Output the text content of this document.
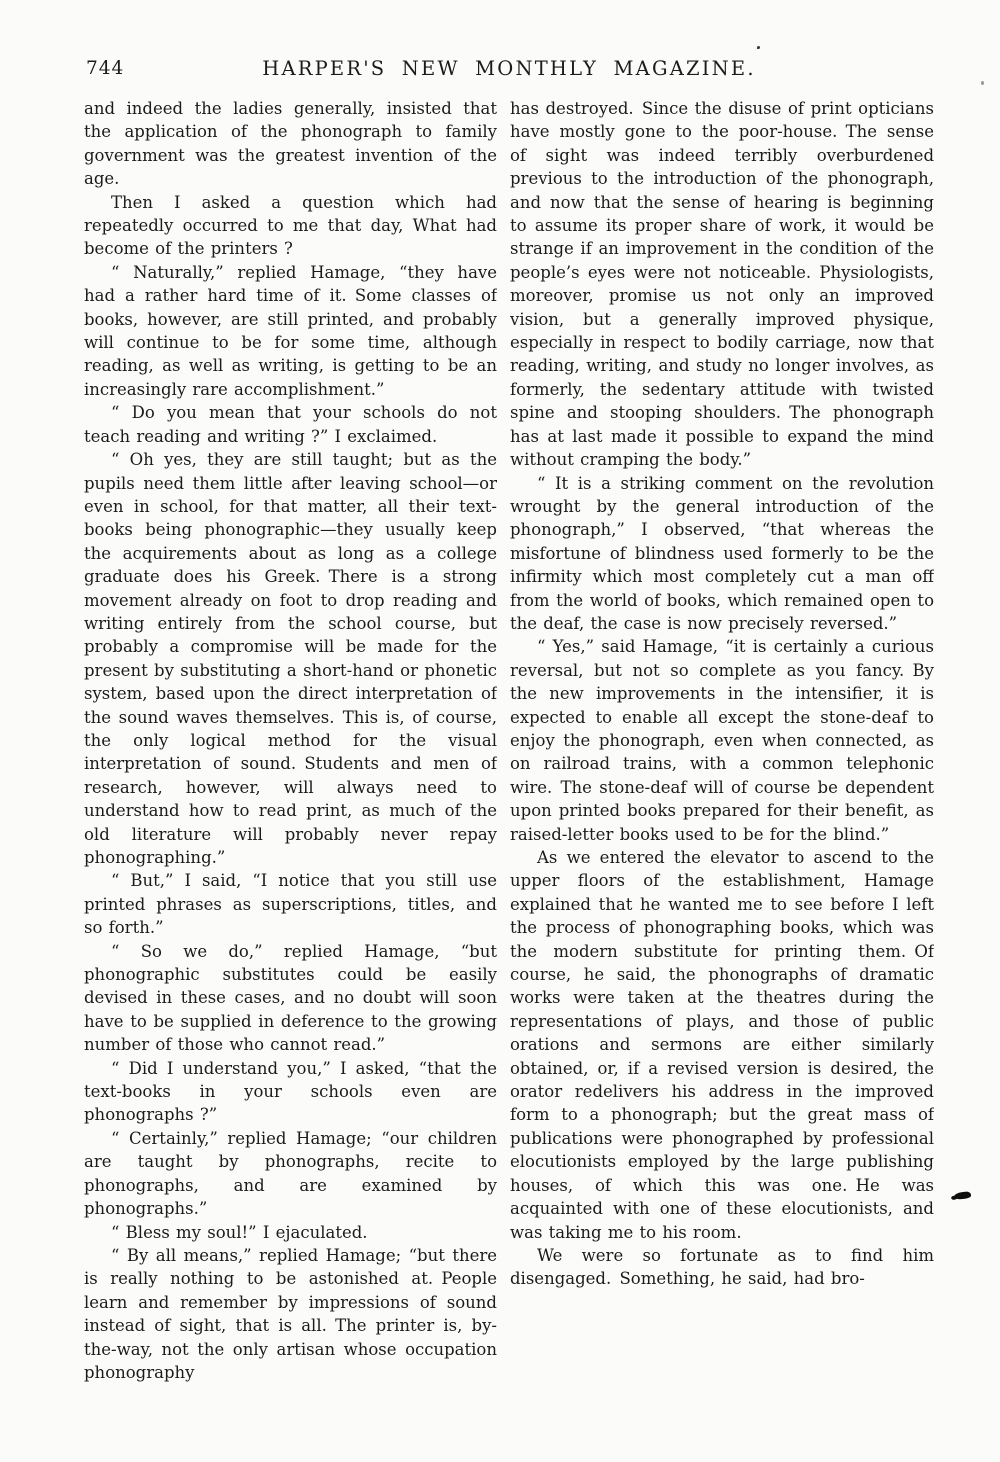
744	HARPER'S NEW MONTHLY MAGAZINE.

and indeed the ladies generally, insisted that the application of the phonograph to family government was the greatest invention of the age.

Then I asked a question which had repeatedly occurred to me that day, What had become of the printers ?

“ Naturally,” replied Hamage, “they have had a rather hard time of it. Some classes of books, however, are still printed, and probably will continue to be for some time, although reading, as well as writing, is getting to be an increasingly rare accomplishment.”

“ Do you mean that your schools do not teach reading and writing ?” I exclaimed.

“ Oh yes, they are still taught; but as the pupils need them little after leaving school—or even in school, for that matter, all their text-books being phonographic—they usually keep the acquirements about as long as a college graduate does his Greek. There is a strong movement already on foot to drop reading and writing entirely from the school course, but probably a compromise will be made for the present by substituting a short-hand or phonetic system, based upon the direct interpretation of the sound waves themselves. This is, of course, the only logical method for the visual interpretation of sound. Students and men of research, however, will always need to understand how to read print, as much of the old literature will probably never repay phonographing.”

“ But,” I said, “I notice that you still use printed phrases as superscriptions, titles, and so forth.”

“ So we do,” replied Hamage, “but phonographic substitutes could be easily devised in these cases, and no doubt will soon have to be supplied in deference to the growing number of those who cannot read.”

“ Did I understand you,” I asked, “that the text-books in your schools even are phonographs ?”

“ Certainly,” replied Hamage; “our children are taught by phonographs, recite to phonographs, and are examined by phonographs.”

“ Bless my soul!” I ejaculated.

“ By all means,” replied Hamage; “but there is really nothing to be astonished at. People learn and remember by impressions of sound instead of sight, that is all. The printer is, by-the-way, not the only artisan whose occupation phonography

has destroyed. Since the disuse of print opticians have mostly gone to the poor-house. The sense of sight was indeed terribly overburdened previous to the introduction of the phonograph, and now that the sense of hearing is beginning to assume its proper share of work, it would be strange if an improvement in the condition of the people’s eyes were not noticeable. Physiologists, moreover, promise us not only an improved vision, but a generally improved physique, especially in respect to bodily carriage, now that reading, writing, and study no longer involves, as formerly, the sedentary attitude with twisted spine and stooping shoulders. The phonograph has at last made it possible to expand the mind without cramping the body.”

“ It is a striking comment on the revolution wrought by the general introduction of the phonograph,” I observed, “that whereas the misfortune of blindness used formerly to be the infirmity which most completely cut a man off from the world of books, which remained open to the deaf, the case is now precisely reversed.”

“ Yes,” said Hamage, “it is certainly a curious reversal, but not so complete as you fancy. By the new improvements in the intensifier, it is expected to enable all except the stone-deaf to enjoy the phonograph, even when connected, as on railroad trains, with a common telephonic wire. The stone-deaf will of course be dependent upon printed books prepared for their benefit, as raised-letter books used to be for the blind.”

As we entered the elevator to ascend to the upper floors of the establishment, Hamage explained that he wanted me to see before I left the process of phonographing books, which was the modern substitute for printing them. Of course, he said, the phonographs of dramatic works were taken at the theatres during the representations of plays, and those of public orations and sermons are either similarly obtained, or, if a revised version is desired, the orator redelivers his address in the improved form to a phonograph; but the great mass of publications were phonographed by professional elocutionists employed by the large publishing houses, of which this was one. He was acquainted with one of these elocutionists, and was taking me to his room.

We were so fortunate as to find him disengaged. Something, he said, had bro-
